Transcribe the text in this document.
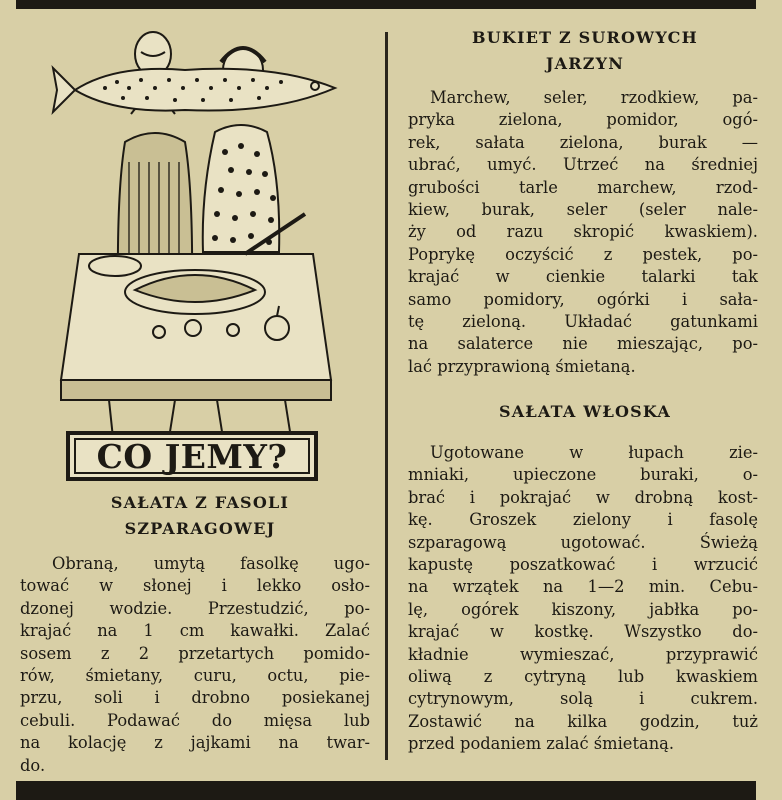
CO JEMY?
SAŁATA Z FASOLI
SZPARAGOWEJ
Obraną, umytą fasolkę ugo-
tować w słonej i lekko osło-
dzonej wodzie. Przestudzić, po-
krajać na 1 cm kawałki. Zalać
sosem z 2 przetartych pomido-
rów, śmietany, curu, octu, pie-
przu, soli i drobno posiekanej
cebuli. Podawać do mięsa lub
na kolację z jajkami na twar-
do.
BUKIET Z SUROWYCH
JARZYN
Marchew, seler, rzodkiew, pa-
pryka zielona, pomidor, ogó-
rek, sałata zielona, burak —
ubrać, umyć. Utrzeć na średniej
grubości tarle marchew, rzod-
kiew, burak, seler (seler nale-
ży od razu skropić kwaskiem).
Poprykę oczyścić z pestek, po-
krajać w cienkie talarki tak
samo pomidory, ogórki i sała-
tę zieloną. Układać gatunkami
na salaterce nie mieszając, po-
lać przyprawioną śmietaną.
SAŁATA WŁOSKA
Ugotowane w łupach zie-
mniaki, upieczone buraki, o-
brać i pokrajać w drobną kost-
kę. Groszek zielony i fasolę
szparagową ugotować. Świeżą
kapustę poszatkować i wrzucić
na wrzątek na 1—2 min. Cebu-
lę, ogórek kiszony, jabłka po-
krajać w kostkę. Wszystko do-
kładnie wymieszać, przyprawić
oliwą z cytryną lub kwaskiem
cytrynowym, solą i cukrem.
Zostawić na kilka godzin, tuż
przed podaniem zalać śmietaną.
